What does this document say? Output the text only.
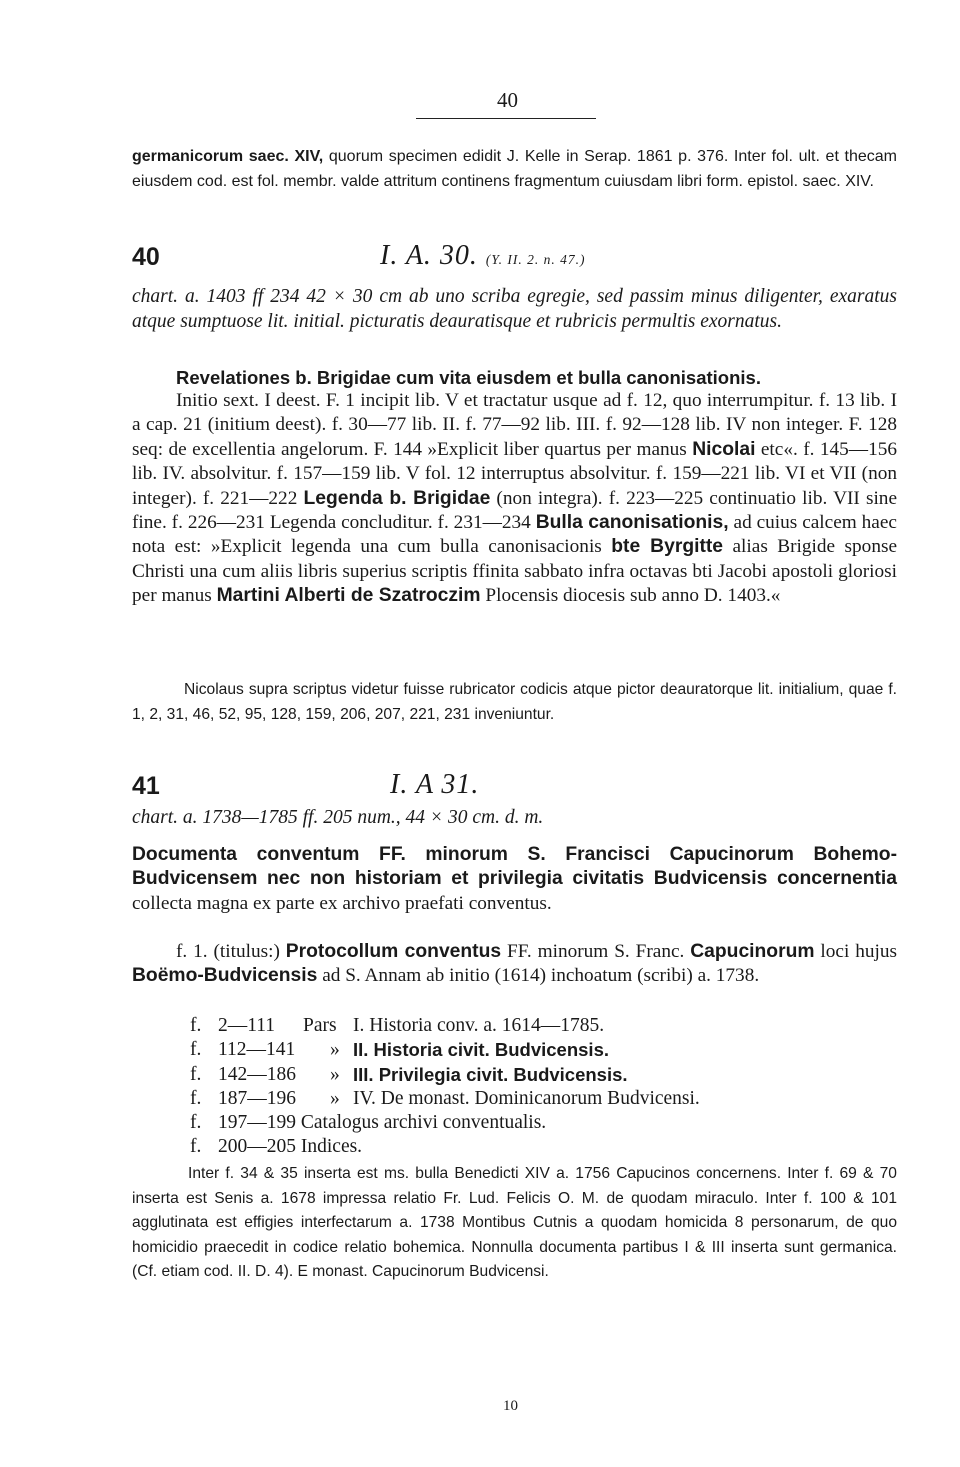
40
germanicorum saec. XIV, quorum specimen edidit J. Kelle in Serap. 1861 p. 376. Inter fol. ult. et thecam eiusdem cod. est fol. membr. valde attritum continens fragmentum cuiusdam libri form. epistol. saec. XIV.
40	I. A. 30. (Y. II. 2. n. 47.)
chart. a. 1403 ff 234 42 × 30 cm ab uno scriba egregie, sed passim minus diligenter, exaratus atque sumptuose lit. initial. picturatis deauratisque et rubricis permultis exornatus.
Revelationes b. Brigidae cum vita eiusdem et bulla canonisationis.
Initio sext. I deest. F. 1 incipit lib. V et tractatur usque ad f. 12, quo interrumpitur. f. 13 lib. I a cap. 21 (initium deest). f. 30—77 lib. II. f. 77—92 lib. III. f. 92—128 lib. IV non integer. F. 128 seq: de excellentia angelorum. F. 144 »Explicit liber quartus per manus Nicolai etc«. f. 145—156 lib. IV. absolvitur. f. 157—159 lib. V fol. 12 interruptus absolvitur. f. 159—221 lib. VI et VII (non integer). f. 221—222 Legenda b. Brigidae (non integra). f. 223—225 continuatio lib. VII sine fine. f. 226—231 Legenda concluditur. f. 231—234 Bulla canonisationis, ad cuius calcem haec nota est: »Explicit legenda una cum bulla canonisacionis bte Byrgitte alias Brigide sponse Christi una cum aliis libris superius scriptis ffinita sabbato infra octavas bti Jacobi apostoli gloriosi per manus Martini Alberti de Szatroczim Plocensis diocesis sub anno D. 1403.«
Nicolaus supra scriptus videtur fuisse rubricator codicis atque pictor deauratorque lit. initialium, quae f. 1, 2, 31, 46, 52, 95, 128, 159, 206, 207, 221, 231 inveniuntur.
41	I. A 31.
chart. a. 1738—1785 ff. 205 num., 44 × 30 cm. d. m.
Documenta conventum FF. minorum S. Francisci Capucinorum Bohemo-Budvicensem nec non historiam et privilegia civitatis Budvicensis concernentia collecta magna ex parte ex archivo praefati conventus.
f. 1. (titulus:) Protocollum conventus FF. minorum S. Franc. Capucinorum loci hujus Boëmo-Budvicensis ad S. Annam ab initio (1614) inchoatum (scribi) a. 1738.
f. 2—111 Pars I. Historia conv. a. 1614—1785.
f. 112—141 » II. Historia civit. Budvicensis.
f. 142—186 » III. Privilegia civit. Budvicensis.
f. 187—196 » IV. De monast. Dominicanorum Budvicensi.
f. 197—199 Catalogus archivi conventualis.
f. 200—205 Indices.
Inter f. 34 & 35 inserta est ms. bulla Benedicti XIV a. 1756 Capucinos concernens. Inter f. 69 & 70 inserta est Senis a. 1678 impressa relatio Fr. Lud. Felicis O. M. de quodam miraculo. Inter f. 100 & 101 agglutinata est effigies interfectarum a. 1738 Montibus Cutnis a quodam homicida 8 personarum, de quo homicidio praecedit in codice relatio bohemica. Nonnulla documenta partibus I & III inserta sunt germanica. (Cf. etiam cod. II. D. 4). E monast. Capucinorum Budvicensi.
10
